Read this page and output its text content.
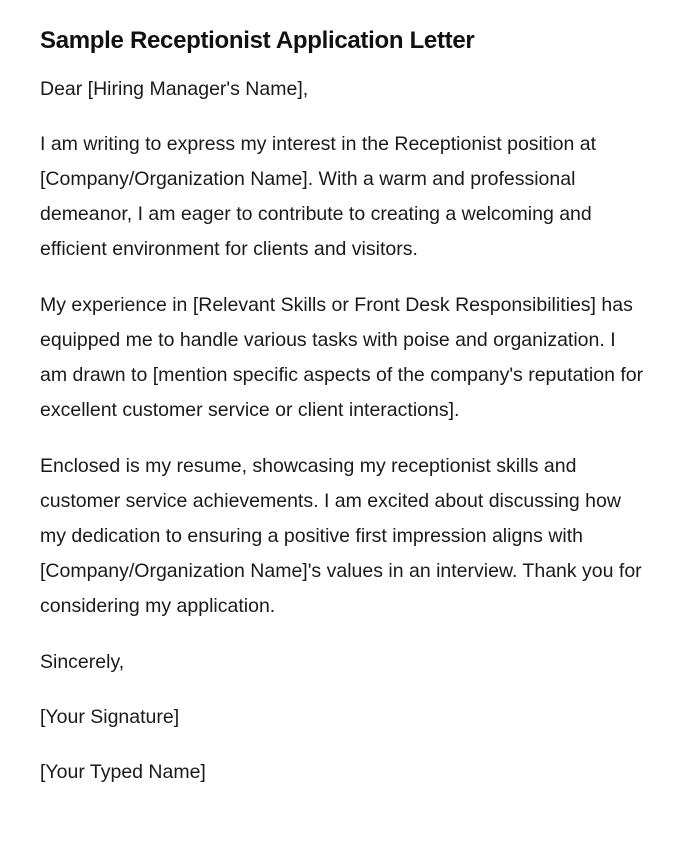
Sample Receptionist Application Letter

Dear [Hiring Manager's Name],

I am writing to express my interest in the Receptionist position at [Company/Organization Name]. With a warm and professional demeanor, I am eager to contribute to creating a welcoming and efficient environment for clients and visitors.

My experience in [Relevant Skills or Front Desk Responsibilities] has equipped me to handle various tasks with poise and organization. I am drawn to [mention specific aspects of the company's reputation for excellent customer service or client interactions].

Enclosed is my resume, showcasing my receptionist skills and customer service achievements. I am excited about discussing how my dedication to ensuring a positive first impression aligns with [Company/Organization Name]'s values in an interview. Thank you for considering my application.

Sincerely,

[Your Signature]

[Your Typed Name]
